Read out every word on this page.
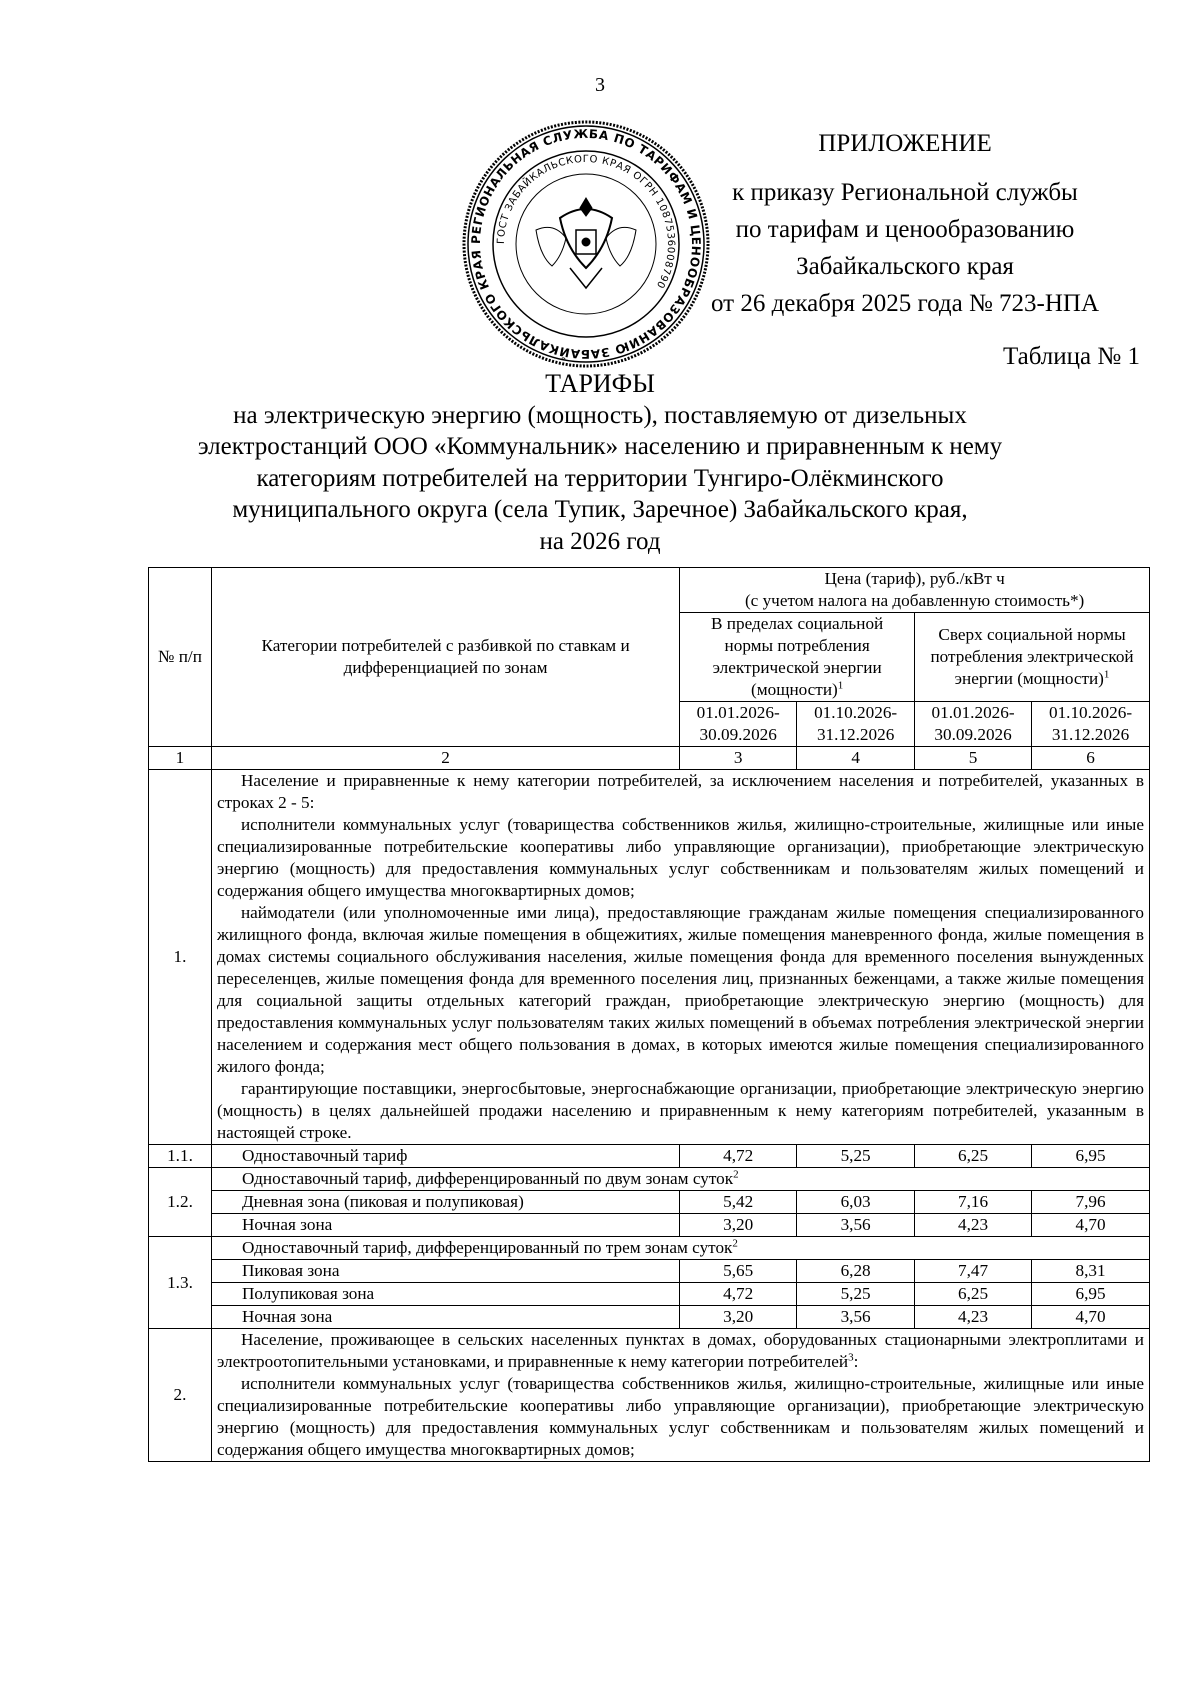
3
РЕГИОНАЛЬНАЯ СЛУЖБА ПО ТАРИФАМ И ЦЕНООБРАЗОВАНИЮ ЗАБАЙКАЛЬСКОГО КРАЯ
ГОСТ ЗАБАЙКАЛЬСКОГО КРАЯ ОГРН 1087536008790
ПРИЛОЖЕНИЕ
к приказу Региональной службы
по тарифам и ценообразованию
Забайкальского края
от 26 декабря 2025 года № 723-НПА
Таблица № 1
ТАРИФЫ
на электрическую энергию (мощность), поставляемую от дизельных
электростанций ООО «Коммунальник» населению и приравненным к нему
категориям потребителей на территории Тунгиро-Олёкминского
муниципального округа (села Тупик, Заречное) Забайкальского края,
на 2026 год
№ п/п	Категории потребителей с разбивкой по ставкам и дифференциацией по зонам	Цена (тариф), руб./кВт ч
(с учетом налога на добавленную стоимость*)			

		В пределах социальной нормы потребления электрической энергии (мощности)$^1$		Сверх социальной нормы потребления электрической энергии (мощности)$^1$
		01.01.2026-30.09.2026	01.10.2026-31.12.2026	01.01.2026-30.09.2026	01.10.2026-31.12.2026
1	2	3	4	5	6
1.	Население и приравненные к нему категории потребителей, за исключением населения и потребителей, указанных в строках 2 - 5:
исполнители коммунальных услуг (товарищества собственников жилья, жилищно-строительные, жилищные или иные специализированные потребительские кооперативы либо управляющие организации), приобретающие электрическую энергию (мощность) для предоставления коммунальных услуг собственникам и пользователям жилых помещений и содержания общего имущества многоквартирных домов;
наймодатели (или уполномоченные ими лица), предоставляющие гражданам жилые помещения специализированного жилищного фонда, включая жилые помещения в общежитиях, жилые помещения маневренного фонда, жилые помещения в домах системы социального обслуживания населения, жилые помещения фонда для временного поселения вынужденных переселенцев, жилые помещения фонда для временного поселения лиц, признанных беженцами, а также жилые помещения для социальной защиты отдельных категорий граждан, приобретающие электрическую энергию (мощность) для предоставления коммунальных услуг пользователям таких жилых помещений в объемах потребления электрической энергии населением и содержания мест общего пользования в домах, в которых имеются жилые помещения специализированного жилого фонда;
гарантирующие поставщики, энергосбытовые, энергоснабжающие организации, приобретающие электрическую энергию (мощность) в целях дальнейшей продажи населению и приравненным к нему категориям потребителей, указанным в настоящей строке.				

1.1.	Одноставочный тариф	4,72	5,25	6,25	6,95
1.2.	Одноставочный тариф, дифференцированный по двум зонам суток$^2$
	Дневная зона (пиковая и полупиковая)	5,42	6,03	7,16	7,96
	Ночная зона	3,20	3,56	4,23	4,70
1.3.	Одноставочный тариф, дифференцированный по трем зонам суток$^2$
	Пиковая зона	5,65	6,28	7,47	8,31
	Полупиковая зона	4,72	5,25	6,25	6,95
	Ночная зона	3,20	3,56	4,23	4,70
2.	Население, проживающее в сельских населенных пунктах в домах, оборудованных стационарными электроплитами и электроотопительными установками, и приравненные к нему категории потребителей$^3$:
исполнители коммунальных услуг (товарищества собственников жилья, жилищно-строительные, жилищные или иные специализированные потребительские кооперативы либо управляющие организации), приобретающие электрическую энергию (мощность) для предоставления коммунальных услуг собственникам и пользователям жилых помещений и содержания общего имущества многоквартирных домов;				
